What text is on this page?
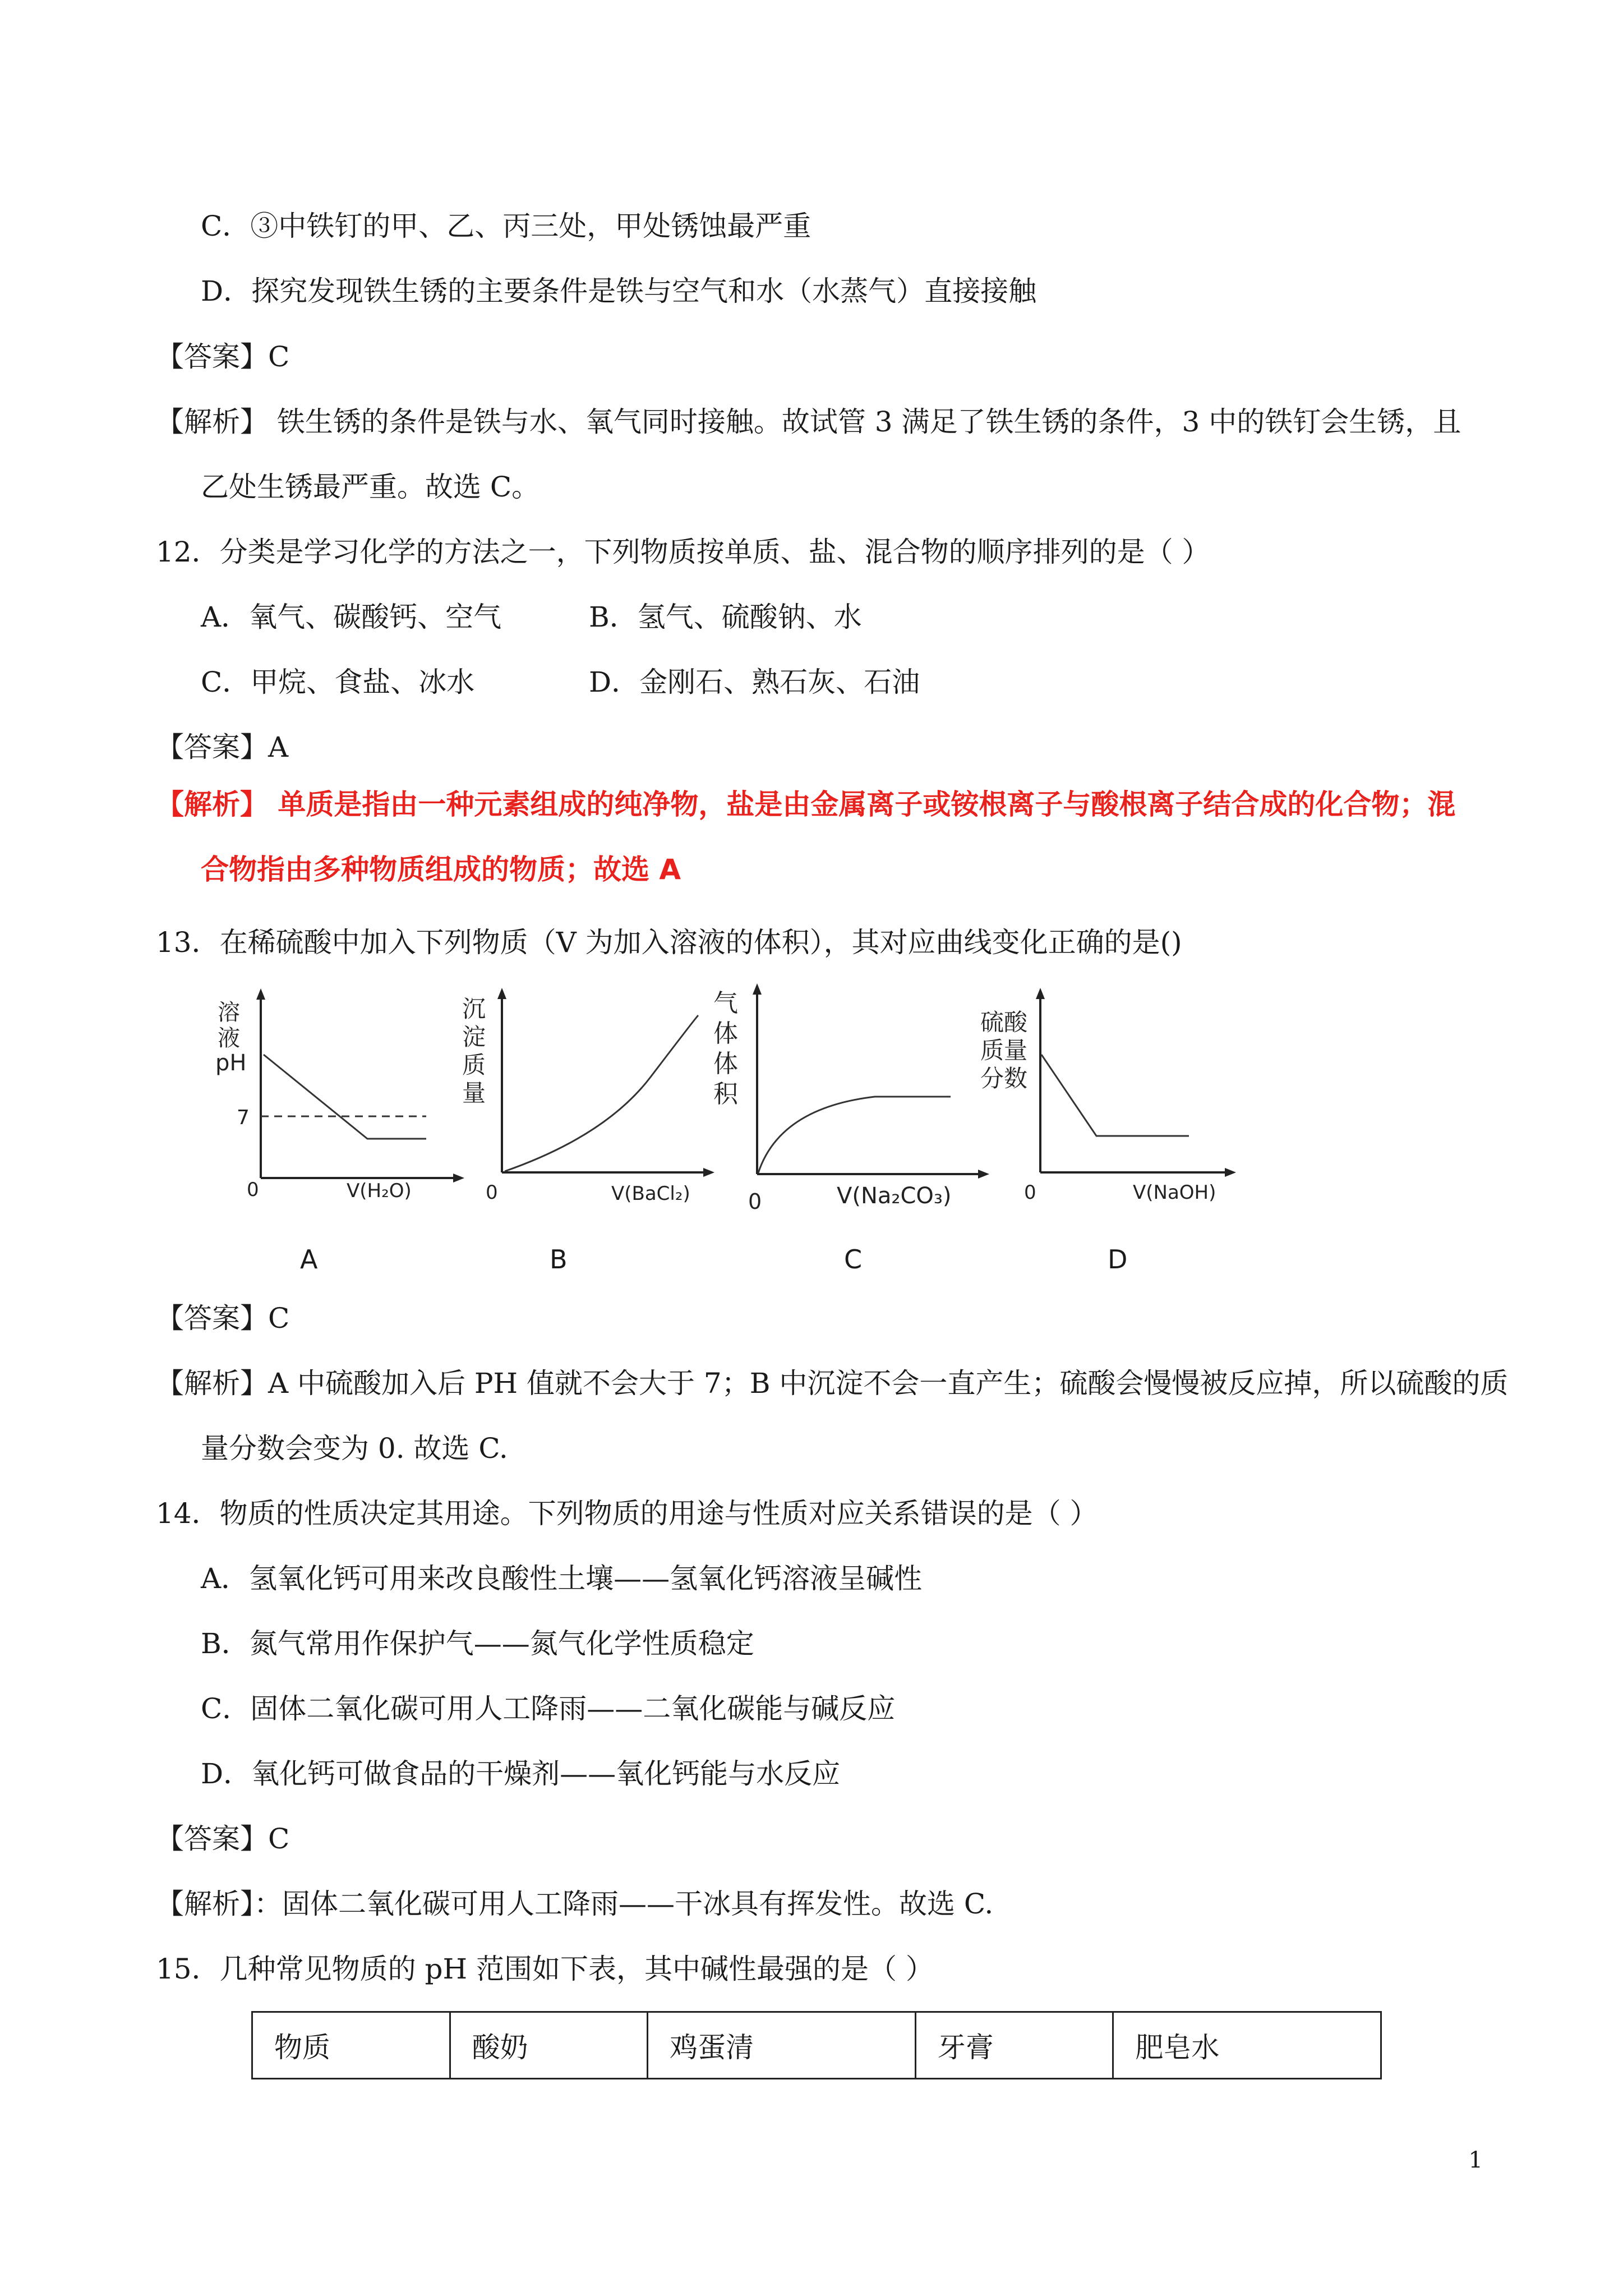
C．③中铁钉的甲、乙、丙三处，甲处锈蚀最严重
D．探究发现铁生锈的主要条件是铁与空气和水（水蒸气）直接接触
【答案】C
【解析】 铁生锈的条件是铁与水、氧气同时接触。故试管 3 满足了铁生锈的条件，3 中的铁钉会生锈，且
乙处生锈最严重。故选 C。
12．分类是学习化学的方法之一，下列物质按单质、盐、混合物的顺序排列的是（ ）
A．氧气、碳酸钙、空气	B．氢气、硫酸钠、水
C．甲烷、食盐、冰水	D．金刚石、熟石灰、石油
【答案】A
【解析】 单质是指由一种元素组成的纯净物，盐是由金属离子或铵根离子与酸根离子结合成的化合物；混
合物指由多种物质组成的物质；故选 A
13．在稀硫酸中加入下列物质（V 为加入溶液的体积），其对应曲线变化正确的是()
溶
液
pH
7
0	V(H₂O)
沉
淀
质
量
0	V(BaCl₂)
气
体
体
积
0	V(Na₂CO₃)
硫酸
质量
分数
0	V(NaOH)
A	B	C	D
【答案】C
【解析】A 中硫酸加入后 PH 值就不会大于 7；B 中沉淀不会一直产生；硫酸会慢慢被反应掉，所以硫酸的质
量分数会变为 0. 故选 C.
14．物质的性质决定其用途。下列物质的用途与性质对应关系错误的是（ ）
A．氢氧化钙可用来改良酸性土壤——氢氧化钙溶液呈碱性
B．氮气常用作保护气——氮气化学性质稳定
C．固体二氧化碳可用人工降雨——二氧化碳能与碱反应
D．氧化钙可做食品的干燥剂——氧化钙能与水反应
【答案】C
【解析】：固体二氧化碳可用人工降雨——干冰具有挥发性。故选 C.
15．几种常见物质的 pH 范围如下表，其中碱性最强的是（ ）
物质	酸奶	鸡蛋清	牙膏	肥皂水
1
